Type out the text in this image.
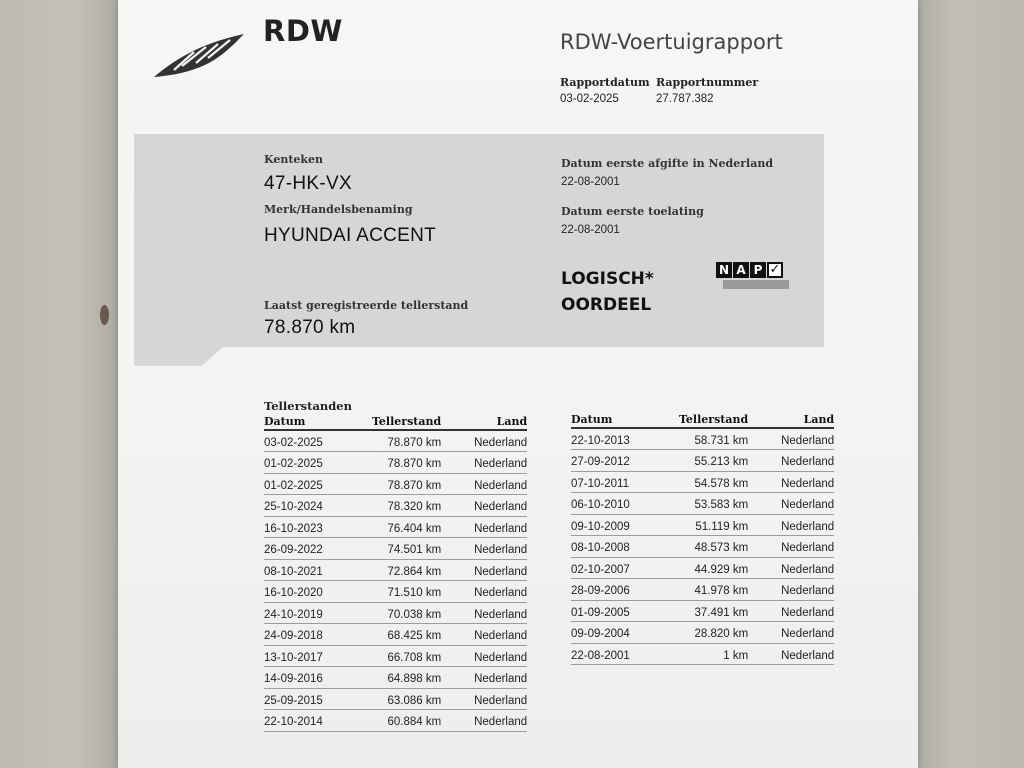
RDW	RDW-Voertuigrapport
Rapportdatum
03-02-2025
Rapportnummer
27.787.382
Kenteken
47-HK-VX
Merk/Handelsbenaming
HYUNDAI ACCENT
Datum eerste afgifte in Nederland
22-08-2001
Datum eerste toelating
22-08-2001
LOGISCH*
OORDEEL
N A P ✓
Laatst geregistreerde tellerstand
78.870 km
Tellerstanden
Datum	Tellerstand	Land
03-02-2025	78.870 km	Nederland
01-02-2025	78.870 km	Nederland
01-02-2025	78.870 km	Nederland
25-10-2024	78.320 km	Nederland
16-10-2023	76.404 km	Nederland
26-09-2022	74.501 km	Nederland
08-10-2021	72.864 km	Nederland
16-10-2020	71.510 km	Nederland
24-10-2019	70.038 km	Nederland
24-09-2018	68.425 km	Nederland
13-10-2017	66.708 km	Nederland
14-09-2016	64.898 km	Nederland
25-09-2015	63.086 km	Nederland
22-10-2014	60.884 km	Nederland
Datum	Tellerstand	Land
22-10-2013	58.731 km	Nederland
27-09-2012	55.213 km	Nederland
07-10-2011	54.578 km	Nederland
06-10-2010	53.583 km	Nederland
09-10-2009	51.119 km	Nederland
08-10-2008	48.573 km	Nederland
02-10-2007	44.929 km	Nederland
28-09-2006	41.978 km	Nederland
01-09-2005	37.491 km	Nederland
09-09-2004	28.820 km	Nederland
22-08-2001	1 km	Nederland
